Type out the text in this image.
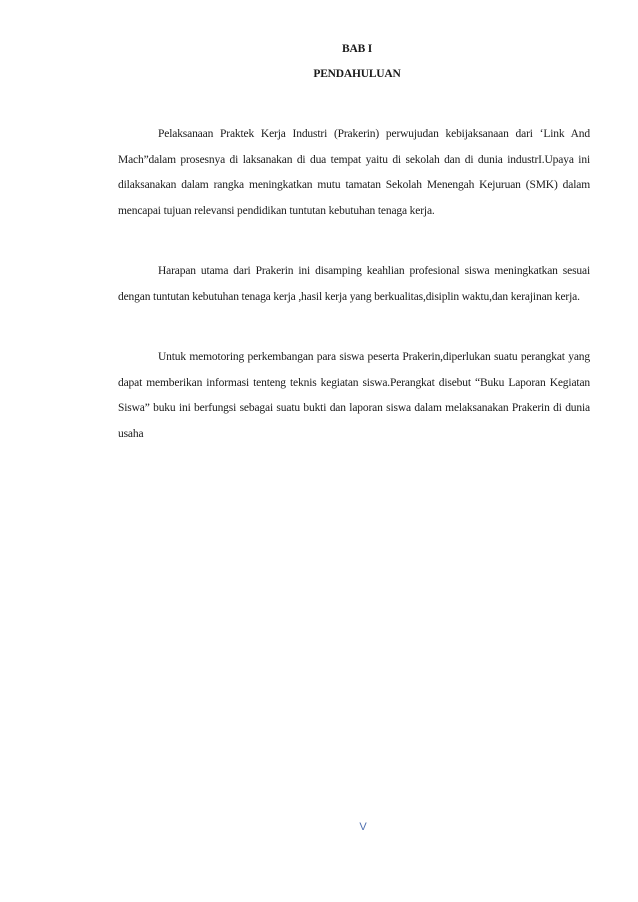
BAB I
PENDAHULUAN

Pelaksanaan Praktek Kerja Industri (Prakerin) perwujudan kebijaksanaan dari ‘Link And Mach”dalam prosesnya di laksanakan di dua tempat yaitu di sekolah dan di dunia industrI.Upaya ini dilaksanakan dalam rangka meningkatkan mutu tamatan Sekolah Menengah Kejuruan (SMK) dalam mencapai tujuan relevansi pendidikan tuntutan kebutuhan tenaga kerja.

Harapan utama dari Prakerin ini disamping keahlian profesional siswa meningkatkan sesuai dengan tuntutan kebutuhan tenaga kerja ,hasil kerja yang berkualitas,disiplin waktu,dan kerajinan kerja.

Untuk memotoring perkembangan para siswa peserta Prakerin,diperlukan suatu perangkat yang dapat memberikan informasi tenteng teknis kegiatan siswa.Perangkat disebut “Buku Laporan Kegiatan Siswa” buku ini berfungsi sebagai suatu bukti dan laporan siswa dalam melaksanakan Prakerin di dunia usaha

V
